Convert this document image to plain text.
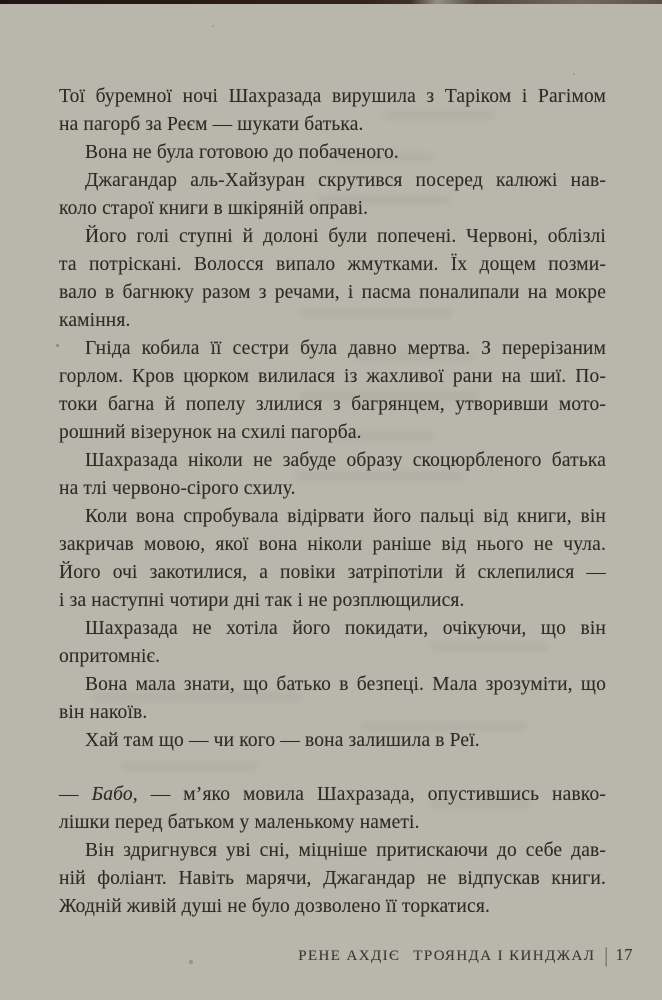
Тої буремної ночі Шахразада вирушила з Таріком і Рагімом
на пагорб за Реєм — шукати батька.
Вона не була готовою до побаченого.
Джагандар аль-Хайзуран скрутився посеред калюжі нав-
коло старої книги в шкіряній оправі.
Його голі ступні й долоні були попечені. Червоні, облізлі
та потріскані. Волосся випало жмутками. Їх дощем позми-
вало в багнюку разом з речами, і пасма поналипали на мокре
каміння.
Гніда кобила її сестри була давно мертва. З перерізаним
горлом. Кров цюрком вилилася із жахливої рани на шиї. По-
токи багна й попелу злилися з багрянцем, утворивши мото-
рошний візерунок на схилі пагорба.
Шахразада ніколи не забуде образу скоцюрбленого батька
на тлі червоно-сірого схилу.
Коли вона спробувала відірвати його пальці від книги, він
закричав мовою, якої вона ніколи раніше від нього не чула.
Його очі закотилися, а повіки затріпотіли й склепилися —
і за наступні чотири дні так і не розплющилися.
Шахразада не хотіла його покидати, очікуючи, що він
опритомніє.
Вона мала знати, що батько в безпеці. Мала зрозуміти, що
він накоїв.
Хай там що — чи кого — вона залишила в Реї.
— Бабо, — м’яко мовила Шахразада, опустившись навко-
лішки перед батьком у маленькому наметі.
Він здригнувся уві сні, міцніше притискаючи до себе дав-
ній фоліант. Навіть марячи, Джагандар не відпускав книги.
Жодній живій душі не було дозволено її торкатися.
РЕНЕ АХДІЄ ТРОЯНДА І КИНДЖАЛ | 17
